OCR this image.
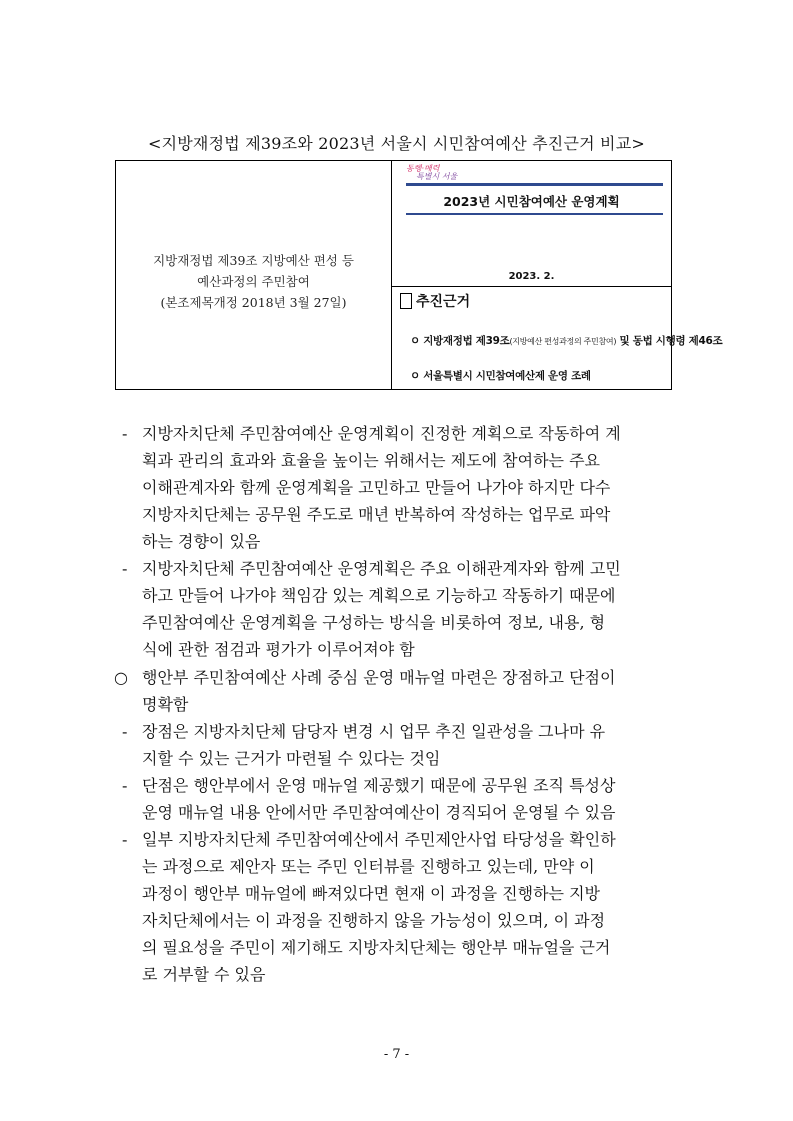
<지방재정법 제39조와 2023년 서울시 시민참여예산 추진근거 비교>
지방재정법 제39조 지방예산 편성 등
예산과정의 주민참여
(본조제목개정 2018년 3월 27일)
동행·매력
특별시 서울
2023년 시민참여예산 운영계획
2023. 2.
추진근거
ㅇ 지방재정법 제39조(지방예산 편성과정의 주민참여) 및 동법 시행령 제46조
ㅇ 서울특별시 시민참여예산제 운영 조례
- 지방자치단체 주민참여예산 운영계획이 진정한 계획으로 작동하여 계
획과 관리의 효과와 효율을 높이는 위해서는 제도에 참여하는 주요
이해관계자와 함께 운영계획을 고민하고 만들어 나가야 하지만 다수
지방자치단체는 공무원 주도로 매년 반복하여 작성하는 업무로 파악
하는 경향이 있음
- 지방자치단체 주민참여예산 운영계획은 주요 이해관계자와 함께 고민
하고 만들어 나가야 책임감 있는 계획으로 기능하고 작동하기 때문에
주민참여예산 운영계획을 구성하는 방식을 비롯하여 정보, 내용, 형
식에 관한 점검과 평가가 이루어져야 함
○ 행안부 주민참여예산 사례 중심 운영 매뉴얼 마련은 장점하고 단점이
명확함
- 장점은 지방자치단체 담당자 변경 시 업무 추진 일관성을 그나마 유
지할 수 있는 근거가 마련될 수 있다는 것임
- 단점은 행안부에서 운영 매뉴얼 제공했기 때문에 공무원 조직 특성상
운영 매뉴얼 내용 안에서만 주민참여예산이 경직되어 운영될 수 있음
- 일부 지방자치단체 주민참여예산에서 주민제안사업 타당성을 확인하
는 과정으로 제안자 또는 주민 인터뷰를 진행하고 있는데, 만약 이
과정이 행안부 매뉴얼에 빠져있다면 현재 이 과정을 진행하는 지방
자치단체에서는 이 과정을 진행하지 않을 가능성이 있으며, 이 과정
의 필요성을 주민이 제기해도 지방자치단체는 행안부 매뉴얼을 근거
로 거부할 수 있음
- 7 -
